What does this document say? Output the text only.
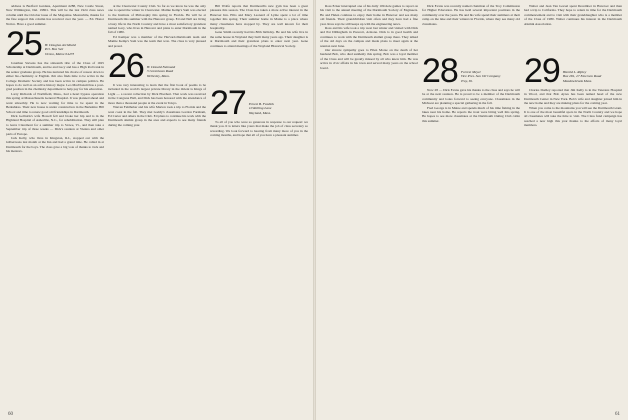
address is Bedford Gardens, Apartment #288, New Castle Street, New Wilmington, Del. 19801. This will be the last 1924 class news column until the October issue of the Magazine. Meanwhile, thanks for the fine support this column has received over the year. — Ed. Honor Notice. Have a good summer.

25 H. Douglas Archibald
P.O. Box 542
Orono, Maine 04473

Jonathan Stevens has the sixteenth title of the Class of 1925 Scholarship at Dartmouth, and he and Lucy and has a High Roll rank in the senior graduate group. He has nurtured his choice of reason down to either bio-chemistry or English. Jim also finds time to be active in the College Dramatic Society and has been active in campus politics. He hopes to do well as an active history major. Leo MacDonald has a post-grad position in the chemistry department to help pay for his education.

Larry Richards of Northfield, Mass., had a heart bypass operation this spring at Massachusetts General Hospital. It was planned ahead and went smoothly. He is now waiting for time to be spent in the Berkshires. Their new house is under construction in the Berkshire Hill School and time to renew good old friendships in Dartmouth.

Dick Gollnick's wife Howell fell and broke her hip and is in the Highland Hospital of Asheville, N.C., for rehabilitation. They still plan to leave Claremont for a summer trip to Stowe, Vt., and then take a September trip of three weeks — Dick's reunion at Vienna and other parts of Europe.

Jack Kelly, who lives in Kingston, R.I., stopped out with the Gilbertsons last month at the Inn and had a grand time. He called in at Dartmouth for the boys. The class gave a big vote of thanks to Jack and his mentors.

at the Clearwater County Club. So far as we know he was the only one to spend the winter in Clearwater. Mamie Kemp's Sam was elected to the Institute of Philosophy this spring in Florida. He will be at Dartmouth this summer with the Hanover group. Ed and Nell are living a busy life in the North Country and have a most satisfactory grandson named Gary, who lives in Hanover and plans to enter Dartmouth in the fall of 1980.

Ed Kemper was a member of the Harvard-Dartmouth team and Mamie Kemp's Sam was the team that won. The class is very pleased and proud.

26 H. Donald Netmand
3 Greenlawn Road
Wellesley, Mass.

It was very interesting to learn that the first book of poems to be included in the world's largest private library in the Orient is Kings of Light — a recent collection by Dick Eberhart. That work was received in the Congress Hall, and Dick has been honored with the attendance of more than a thousand people at the event in Tokyo.

Warren Fehlhaber and his wife Marion took a trip to Florida and the west coast in the fall. They met Gaddy's classmates Gordon Farnham, Ed Carter and others in the Club. Ed plans to continue his work with the Dartmouth alumni group in the area and expects to see many friends during the coming year.

Bill Wolfe reports that Dartmouth's new gym has been a great pleasure this season. The Class has taken a more active interest in the Hanover Inn. Ellis and Mary Leonard of Lyme spent a lot of time together this spring. Their summer home in Maine is a place where many classmates have stopped by. They are well known for their hospitality.

Gene Smith recently had his 80th birthday. He and his wife live in the same house in Wayland they built many years ago. Their daughter is at Dartmouth and their grandson plans to enter next year. Gene continues to attend meetings of the Wayland Historical Society.

27 Ernest B. Fosdick
10 Rolling Lane
Wayland, Mass.

To all of you who were so generous in response to our request: we thank you. It is letters like yours that make the job of class secretary so rewarding. We look forward to hearing from many more of you in the coming months, and hope that all of you have a pleasant summer.

Ross Ecker interrupted one of his daily 109-hole games to report on his visit to the annual meeting of the Dartmouth Society of Engineers. He and Helen continue to enjoy their home in Hanover and see many old friends. Their grandchildren visit often and they have had a fine year. Ross says he still keeps up with the engineering news.

Ross and his wife took a trip west last winter and visited with Dick and Pat Dillingham in Prescott, Arizona. Dick is in good health and continues to work with the Dartmouth alumni group there. They talked of the old days on the campus and made plans to meet again at the reunion next June.

Our sincere sympathy goes to Ellen Morse on the death of her husband Bob, who died suddenly this spring. Bob was a loyal member of the Class and will be greatly missed by all who knew him. He was active in civic affairs in his town and served many years on the school board.

Dick Evans was recently named chairman of the Troy Commission for Higher Education. He has held several important positions in the community over the years. He and his wife spend their summers at their camp on the lake and their winters in Florida, where they see many old classmates.

28 Forrest Meyer
Vice Pres. Sun Oil Company
Troy, Ill.

Now 28 — Dick Evans gave his thanks to the class and says he will be at the next reunion. He is proud to be a member of the Dartmouth community and looks forward to seeing everyone. Classmates in the Midwest are planning a special gathering in the fall.

Fred George is in Maine and spends much of his time fishing in the lakes near his home. He reports the trout were biting well this spring. He hopes to see more classmates at the Dartmouth Outing Club cabin this summer.

Walter and Jean Van Gorsel spent December in Hanover and then had a trip to California. They hope to return in time for the Dartmouth commencement and to visit with their granddaughter who is a member of the Class of 1980. Walter continues his interest in the Dartmouth Alumni Association.

29 Harold L. Ripley
Box 281, 27 Emerson Road
Meadowbrook Mass.

Charles Dudley reported that Jim Kelly is in the Veterans Hospital in Wood, and that Bob Ayres has been named head of the new Dartmouth Center in New York. Bob's wife and daughter joined him in the new home and they are making plans for the coming year.

When you come to the mountains you will see the Dartmouth Grant. It is one of the most beautiful spots in the North Country and we hope all classmates will take the time to visit. The Class fund campaign has reached a new high this year thanks to the efforts of many loyal members.

60	61
